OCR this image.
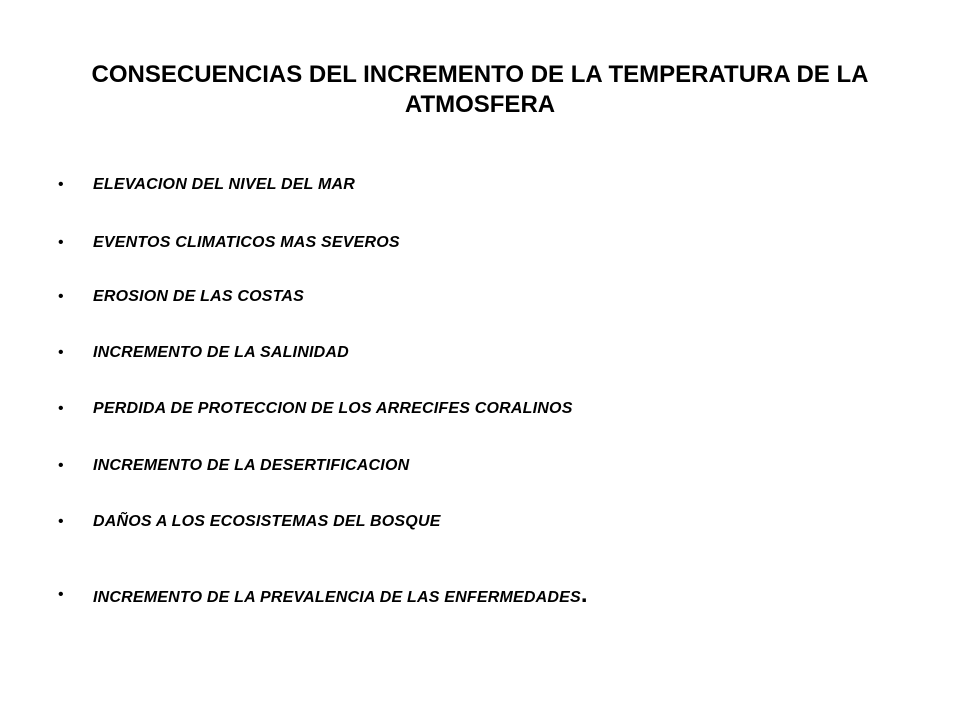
CONSECUENCIAS DEL INCREMENTO DE LA TEMPERATURA DE LA ATMOSFERA
• ELEVACION DEL NIVEL DEL MAR
• EVENTOS CLIMATICOS MAS SEVEROS
• EROSION DE LAS COSTAS
• INCREMENTO DE LA SALINIDAD
• PERDIDA DE PROTECCION DE LOS ARRECIFES CORALINOS
• INCREMENTO DE LA DESERTIFICACION
• DAÑOS A LOS ECOSISTEMAS DEL BOSQUE
• INCREMENTO DE LA PREVALENCIA DE LAS ENFERMEDADES.
